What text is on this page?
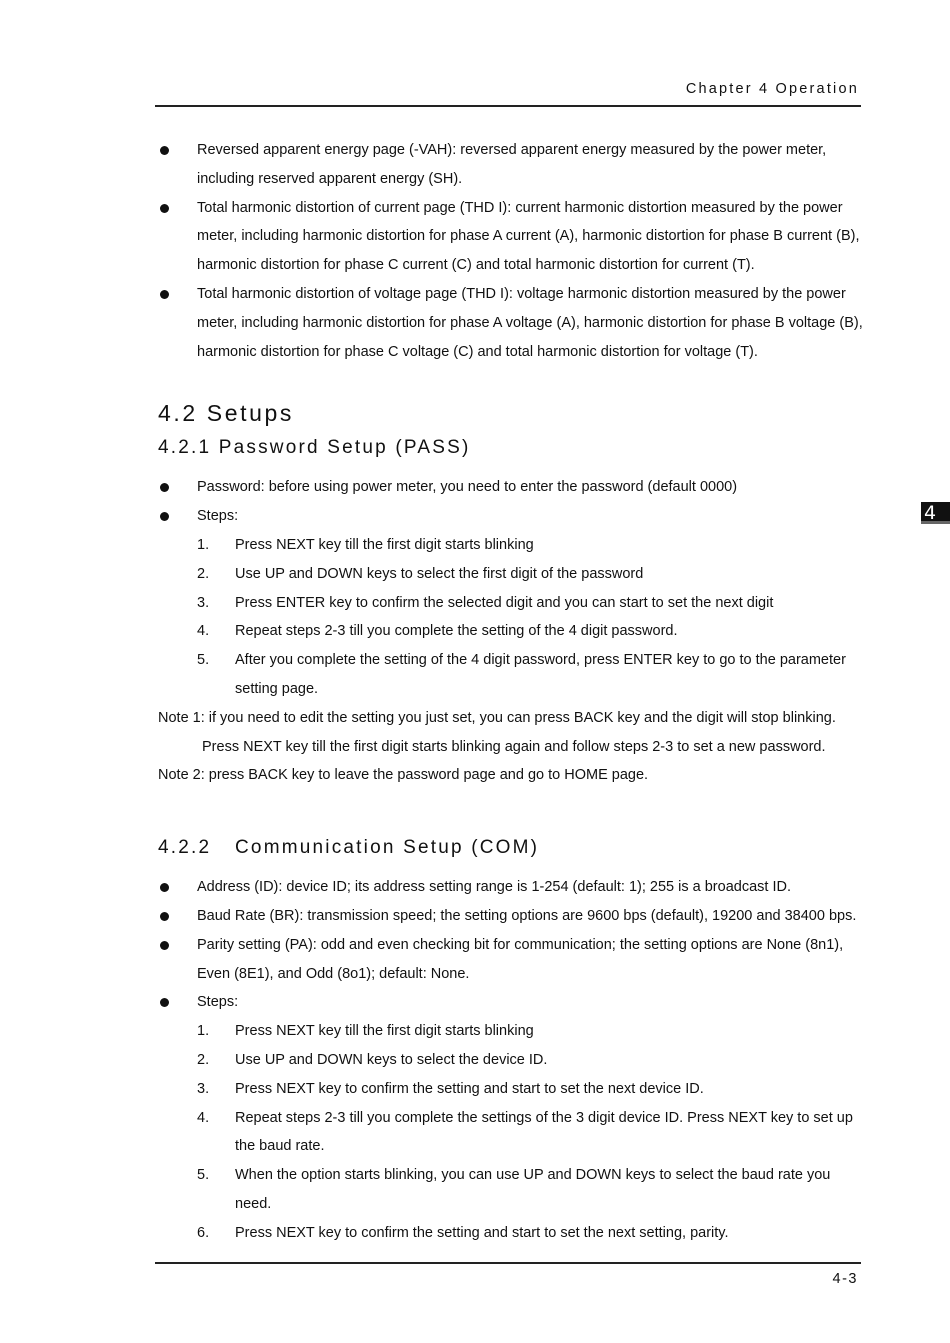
Chapter 4 Operation
4
Reversed apparent energy page (-VAH): reversed apparent energy measured by the power meter, including reserved apparent energy (SH).
Total harmonic distortion of current page (THD I): current harmonic distortion measured by the power meter, including harmonic distortion for phase A current (A), harmonic distortion for phase B current (B), harmonic distortion for phase C current (C) and total harmonic distortion for current (T).
Total harmonic distortion of voltage page (THD I): voltage harmonic distortion measured by the power meter, including harmonic distortion for phase A voltage (A), harmonic distortion for phase B voltage (B), harmonic distortion for phase C voltage (C) and total harmonic distortion for voltage (T).
4.2 Setups
4.2.1 Password Setup (PASS)
Password: before using power meter, you need to enter the password (default 0000)
Steps:
1. Press NEXT key till the first digit starts blinking
2. Use UP and DOWN keys to select the first digit of the password
3. Press ENTER key to confirm the selected digit and you can start to set the next digit
4. Repeat steps 2-3 till you complete the setting of the 4 digit password.
5. After you complete the setting of the 4 digit password, press ENTER key to go to the parameter setting page.
Note 1: if you need to edit the setting you just set, you can press BACK key and the digit will stop blinking.
Press NEXT key till the first digit starts blinking again and follow steps 2-3 to set a new password.
Note 2: press BACK key to leave the password page and go to HOME page.
4.2.2 Communication Setup (COM)
Address (ID): device ID; its address setting range is 1-254 (default: 1); 255 is a broadcast ID.
Baud Rate (BR): transmission speed; the setting options are 9600 bps (default), 19200 and 38400 bps.
Parity setting (PA): odd and even checking bit for communication; the setting options are None (8n1), Even (8E1), and Odd (8o1); default: None.
Steps:
1. Press NEXT key till the first digit starts blinking
2. Use UP and DOWN keys to select the device ID.
3. Press NEXT key to confirm the setting and start to set the next device ID.
4. Repeat steps 2-3 till you complete the settings of the 3 digit device ID. Press NEXT key to set up the baud rate.
5. When the option starts blinking, you can use UP and DOWN keys to select the baud rate you need.
6. Press NEXT key to confirm the setting and start to set the next setting, parity.
4-3
